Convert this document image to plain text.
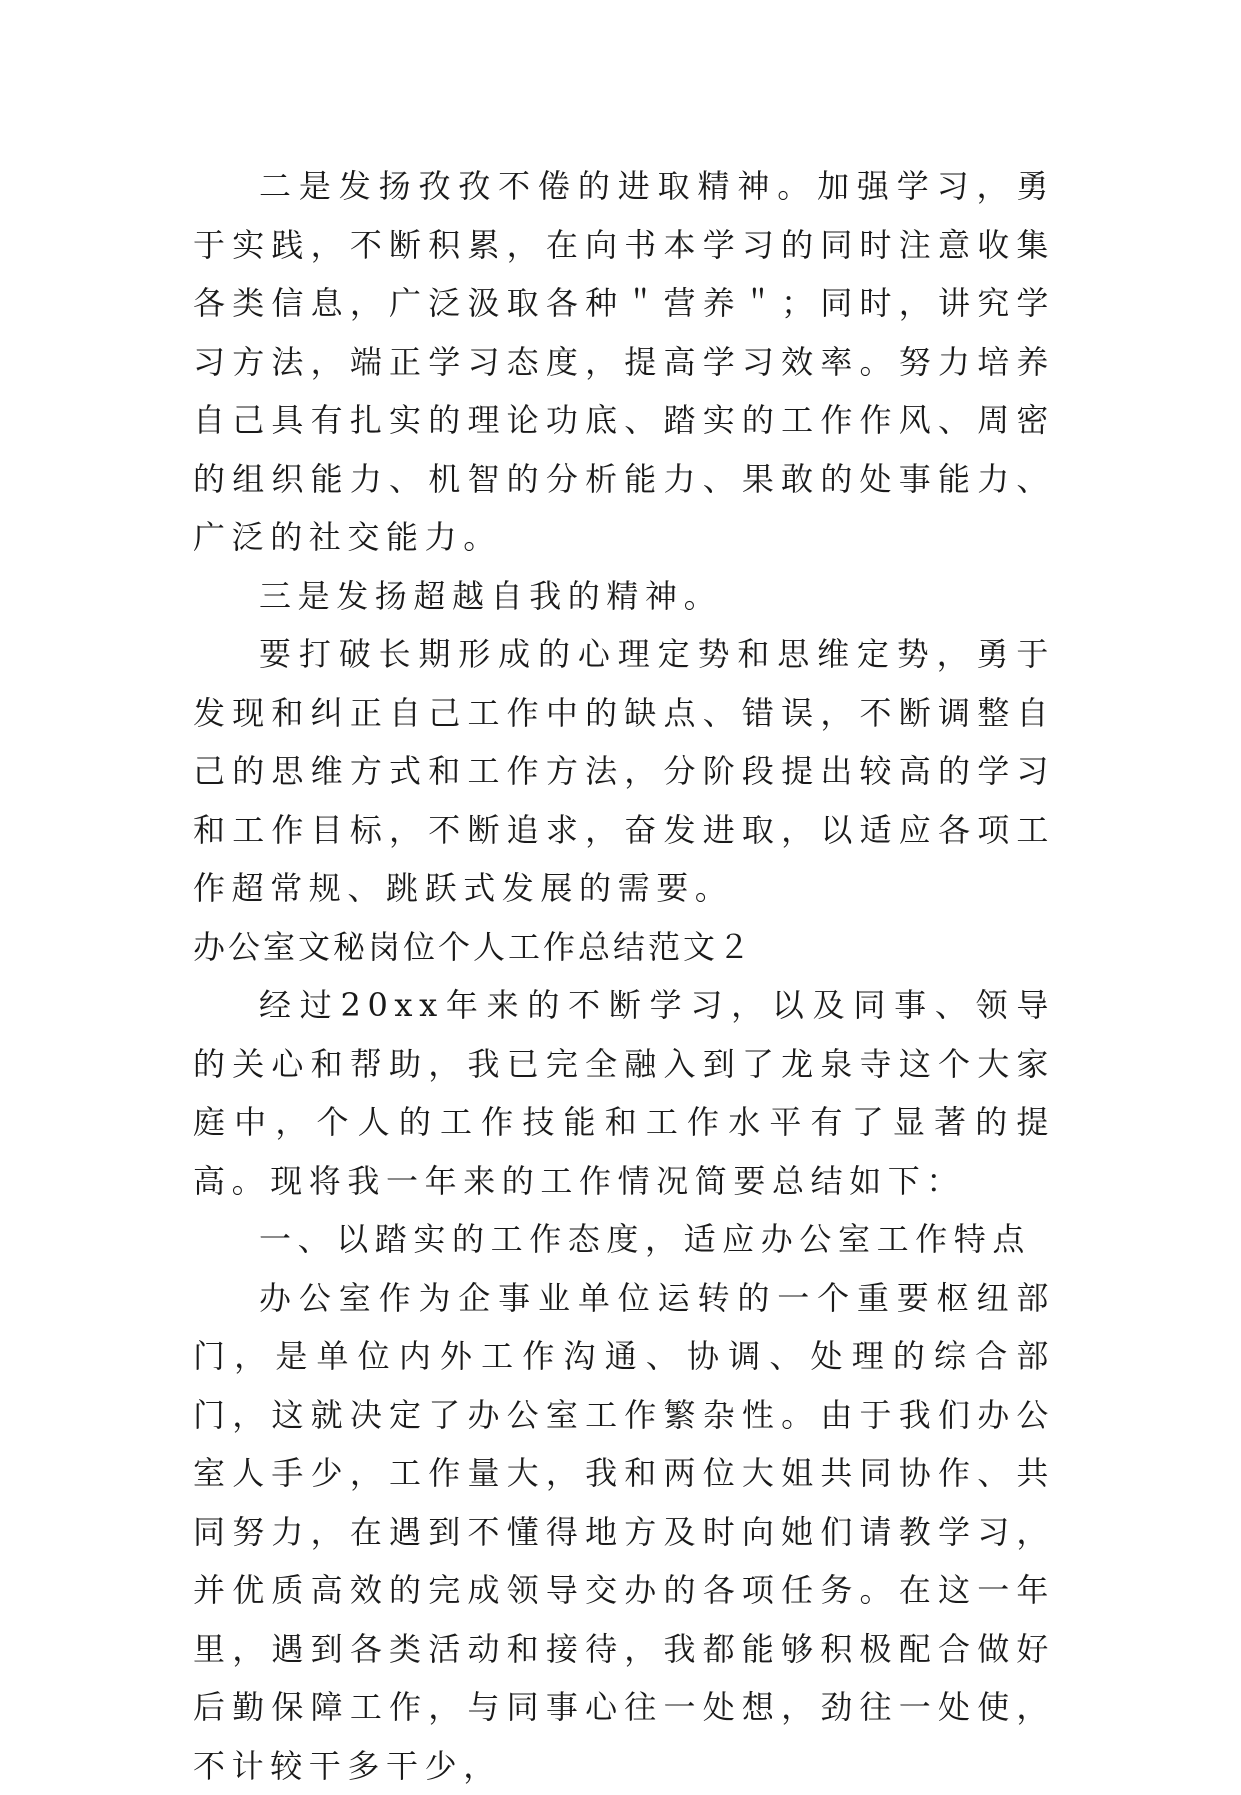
二是发扬孜孜不倦的进取精神。加强学习，勇于实践，不断积累，在向书本学习的同时注意收集各类信息，广泛汲取各种＂营养＂；同时，讲究学习方法，端正学习态度，提高学习效率。努力培养自己具有扎实的理论功底、踏实的工作作风、周密的组织能力、机智的分析能力、果敢的处事能力、广泛的社交能力。

三是发扬超越自我的精神。

要打破长期形成的心理定势和思维定势，勇于发现和纠正自己工作中的缺点、错误，不断调整自己的思维方式和工作方法，分阶段提出较高的学习和工作目标，不断追求，奋发进取，以适应各项工作超常规、跳跃式发展的需要。

办公室文秘岗位个人工作总结范文２

经过20xx年来的不断学习，以及同事、领导的关心和帮助，我已完全融入到了龙泉寺这个大家庭中，个人的工作技能和工作水平有了显著的提高。现将我一年来的工作情况简要总结如下：

一、以踏实的工作态度，适应办公室工作特点

办公室作为企事业单位运转的一个重要枢纽部门，是单位内外工作沟通、协调、处理的综合部门，这就决定了办公室工作繁杂性。由于我们办公室人手少，工作量大，我和两位大姐共同协作、共同努力，在遇到不懂得地方及时向她们请教学习，并优质高效的完成领导交办的各项任务。在这一年里，遇到各类活动和接待，我都能够积极配合做好后勤保障工作，与同事心往一处想，劲往一处使，不计较干多干少，
